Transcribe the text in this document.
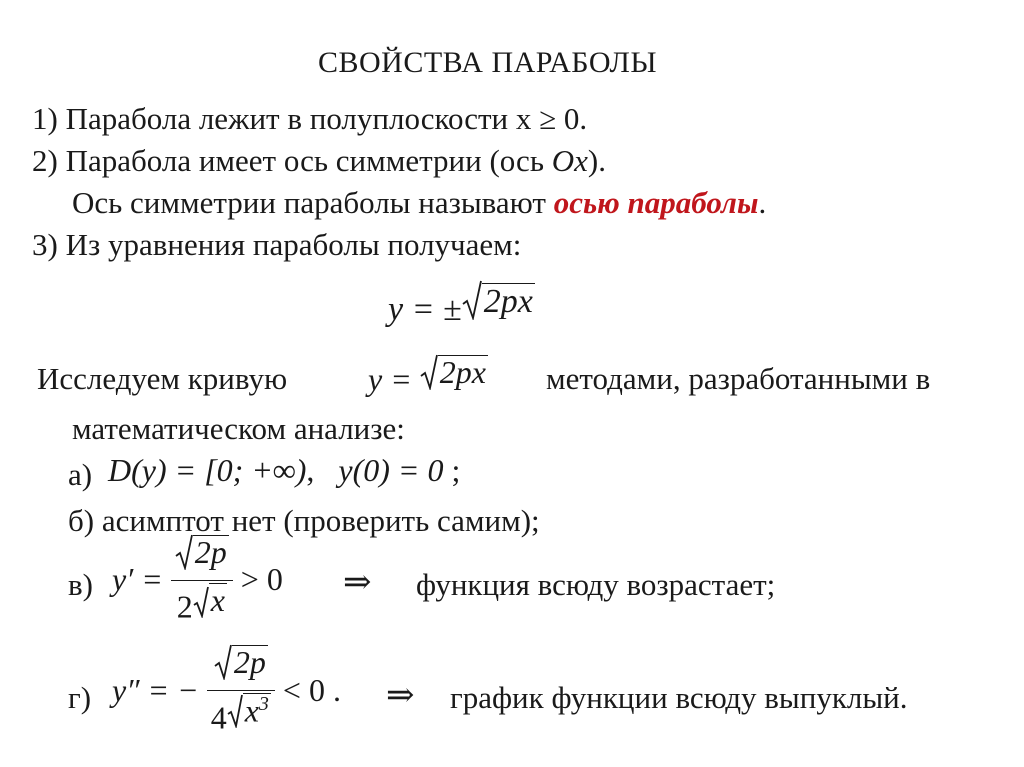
СВОЙСТВА ПАРАБОЛЫ
1) Парабола лежит в полуплоскости x ≥ 0.
2) Парабола имеет ось симметрии (ось Ox).
Ось симметрии параболы называют осью параболы.
3) Из уравнения параболы получаем:
y = ± 2px
Исследуем кривую	y = 2px методами, разработанными в
математическом анализе:
а) D(y) = [0; +∞), y(0) = 0 ;
б) асимптот нет (проверить самим);
в) y′ =
$\frac{2p}{2 x}$
> 0 ⇒ функция всюду возрастает;
г) y″ = −
$\frac{2p}{4 x^3}$
< 0 . ⇒ график функции всюду выпуклый.
